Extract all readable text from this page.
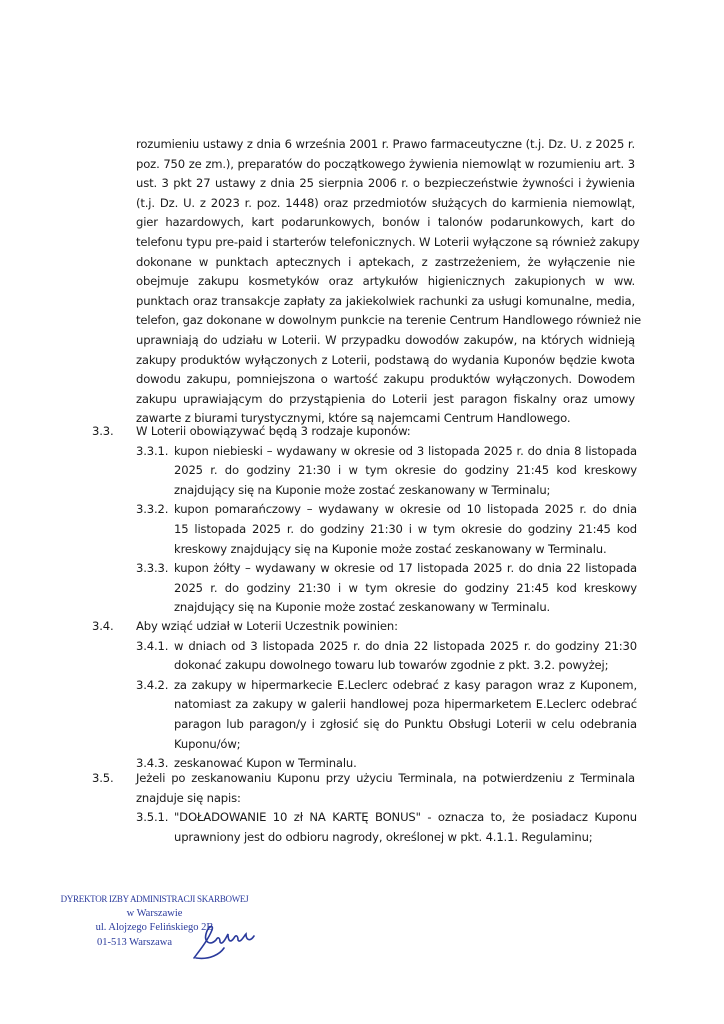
rozumieniu ustawy z dnia 6 września 2001 r. Prawo farmaceutyczne (t.j. Dz. U. z 2025 r.
poz. 750 ze zm.), preparatów do początkowego żywienia niemowląt w rozumieniu art. 3
ust. 3 pkt 27 ustawy z dnia 25 sierpnia 2006 r. o bezpieczeństwie żywności i żywienia
(t.j. Dz. U. z 2023 r. poz. 1448) oraz przedmiotów służących do karmienia niemowląt,
gier hazardowych, kart podarunkowych, bonów i talonów podarunkowych, kart do
telefonu typu pre-paid i starterów telefonicznych. W Loterii wyłączone są również zakupy
dokonane w punktach aptecznych i aptekach, z zastrzeżeniem, że wyłączenie nie
obejmuje zakupu kosmetyków oraz artykułów higienicznych zakupionych w ww.
punktach oraz transakcje zapłaty za jakiekolwiek rachunki za usługi komunalne, media,
telefon, gaz dokonane w dowolnym punkcie na terenie Centrum Handlowego również nie
uprawniają do udziału w Loterii. W przypadku dowodów zakupów, na których widnieją
zakupy produktów wyłączonych z Loterii, podstawą do wydania Kuponów będzie kwota
dowodu zakupu, pomniejszona o wartość zakupu produktów wyłączonych. Dowodem
zakupu uprawiającym do przystąpienia do Loterii jest paragon fiskalny oraz umowy
zawarte z biurami turystycznymi, które są najemcami Centrum Handlowego.
3.3. W Loterii obowiązywać będą 3 rodzaje kuponów:
3.3.1. kupon niebieski – wydawany w okresie od 3 listopada 2025 r. do dnia 8 listopada
2025 r. do godziny 21:30 i w tym okresie do godziny 21:45 kod kreskowy
znajdujący się na Kuponie może zostać zeskanowany w Terminalu;
3.3.2. kupon pomarańczowy – wydawany w okresie od 10 listopada 2025 r. do dnia
15 listopada 2025 r. do godziny 21:30 i w tym okresie do godziny 21:45 kod
kreskowy znajdujący się na Kuponie może zostać zeskanowany w Terminalu.
3.3.3. kupon żółty – wydawany w okresie od 17 listopada 2025 r. do dnia 22 listopada
2025 r. do godziny 21:30 i w tym okresie do godziny 21:45 kod kreskowy
znajdujący się na Kuponie może zostać zeskanowany w Terminalu.
3.4. Aby wziąć udział w Loterii Uczestnik powinien:
3.4.1. w dniach od 3 listopada 2025 r. do dnia 22 listopada 2025 r. do godziny 21:30
dokonać zakupu dowolnego towaru lub towarów zgodnie z pkt. 3.2. powyżej;
3.4.2. za zakupy w hipermarkecie E.Leclerc odebrać z kasy paragon wraz z Kuponem,
natomiast za zakupy w galerii handlowej poza hipermarketem E.Leclerc odebrać
paragon lub paragon/y i zgłosić się do Punktu Obsługi Loterii w celu odebrania
Kuponu/ów;
3.4.3. zeskanować Kupon w Terminalu.
3.5. Jeżeli po zeskanowaniu Kuponu przy użyciu Terminala, na potwierdzeniu z Terminala
znajduje się napis:
3.5.1. "DOŁADOWANIE 10 zł NA KARTĘ BONUS" - oznacza to, że posiadacz Kuponu
uprawniony jest do odbioru nagrody, określonej w pkt. 4.1.1. Regulaminu;
DYREKTOR IZBY ADMINISTRACJI SKARBOWEJ
w Warszawie
ul. Alojzego Felińskiego 2B
01-513 Warszawa
